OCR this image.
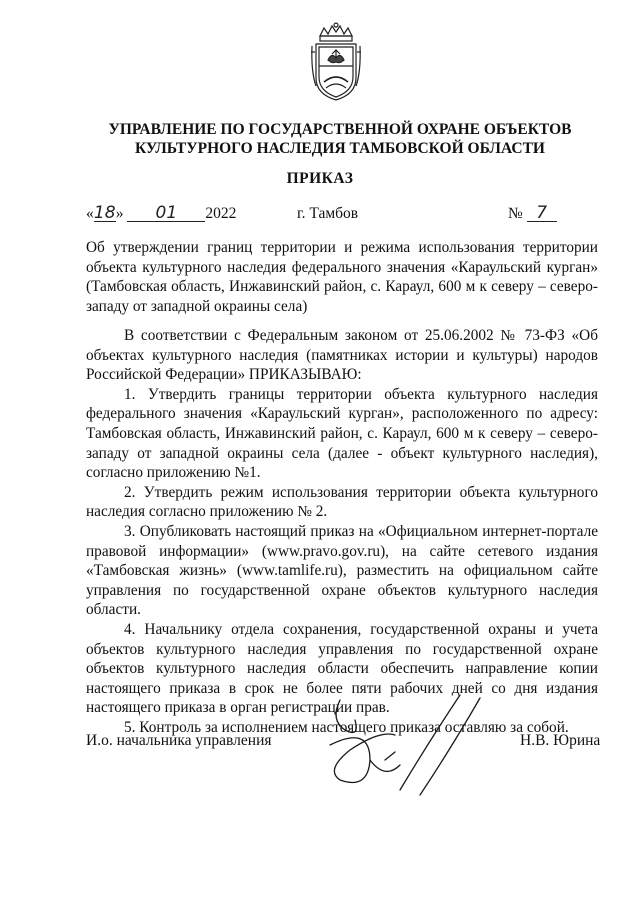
УПРАВЛЕНИЕ ПО ГОСУДАРСТВЕННОЙ ОХРАНЕ ОБЪЕКТОВ
КУЛЬТУРНОГО НАСЛЕДИЯ ТАМБОВСКОЙ ОБЛАСТИ
ПРИКАЗ
«18» 01 2022	г. Тамбов	№ 7

Об утверждении границ территории и режима использования территории объекта культурного наследия федерального значения «Караульский курган» (Тамбовская область, Инжавинский район, с. Караул, 600 м к северу – северо-западу от западной окраины села)

В соответствии с Федеральным законом от 25.06.2002 № 73-ФЗ «Об объектах культурного наследия (памятниках истории и культуры) народов Российской Федерации» ПРИКАЗЫВАЮ:

1. Утвердить границы территории объекта культурного наследия федерального значения «Караульский курган», расположенного по адресу: Тамбовская область, Инжавинский район, с. Караул, 600 м к северу – северо-западу от западной окраины села (далее - объект культурного наследия), согласно приложению №1.

2. Утвердить режим использования территории объекта культурного наследия согласно приложению № 2.

3. Опубликовать настоящий приказ на «Официальном интернет-портале правовой информации» (www.pravo.gov.ru), на сайте сетевого издания «Тамбовская жизнь» (www.tamlife.ru), разместить на официальном сайте управления по государственной охране объектов культурного наследия области.

4. Начальнику отдела сохранения, государственной охраны и учета объектов культурного наследия управления по государственной охране объектов культурного наследия области обеспечить направление копии настоящего приказа в срок не более пяти рабочих дней со дня издания настоящего приказа в орган регистрации прав.

5. Контроль за исполнением настоящего приказа оставляю за собой.

И.о. начальника управления	Н.В. Юрина
